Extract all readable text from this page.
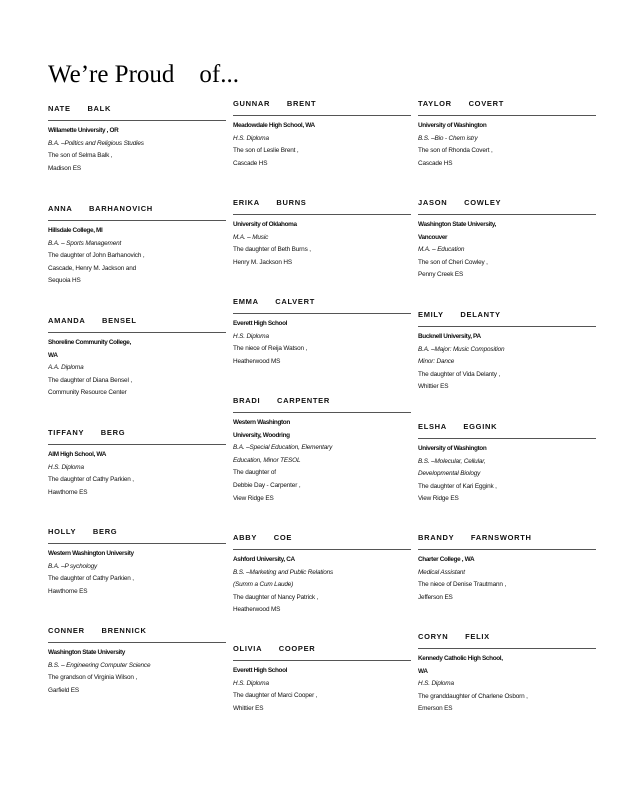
We’re Proud    of...
NATE BALK
Willamette University , OR
B.A. –Politics and Religious Studies
The son of Selma Balk ,
Madison ES
ANNA BARHANOVICH
Hillsdale College, MI
B.A. – Sports Management
The daughter of John Barhanovich ,
Cascade, Henry M. Jackson and
Sequoia HS
AMANDA BENSEL
Shoreline Community College,
WA
A.A. Diploma
The daughter of Diana Bensel ,
Community Resource Center
TIFFANY BERG
AIM High School, WA
H.S. Diploma
The daughter of Cathy Parkien ,
Hawthorne ES
HOLLY BERG
Western Washington University
B.A. –P sychology
The daughter of Cathy Parkien ,
Hawthorne ES
CONNER BRENNICK
Washington State University
B.S. – Engineering Computer Science
The grandson of Virginia Wilson ,
Garfield ES
GUNNAR BRENT
Meadowdale High School, WA
H.S. Diploma
The son of Leslie Brent ,
Cascade HS
ERIKA BURNS
University of Oklahoma
M.A. – Music
The daughter of Beth Burns ,
Henry M. Jackson HS
EMMA CALVERT
Everett High School
H.S. Diploma
The niece of Reija Watson ,
Heatherwood MS
BRADI CARPENTER
Western Washington
University, Woodring
B.A. –Special Education, Elementary
Education, Minor TESOL
The daughter of
Debbie Day - Carpenter ,
View Ridge ES
ABBY COE
Ashford University, CA
B.S. –Marketing and Public Relations
(Summ a Cum Laude)
The daughter of Nancy Patrick ,
Heatherwood MS
OLIVIA COOPER
Everett High School
H.S. Diploma
The daughter of Marci Cooper ,
Whittier ES
TAYLOR COVERT
University of Washington
B.S. –Bio - Chem istry
The son of Rhonda Covert ,
Cascade HS
JASON COWLEY
Washington State University,
Vancouver
M.A. – Education
The son of Cheri Cowley ,
Penny Creek ES
EMILY DELANTY
Bucknell University, PA
B.A. –Major: Music Composition
Minor: Dance
The daughter of Vida Delanty ,
Whittier ES
ELSHA EGGINK
University of Washington
B.S. –Molecular, Cellular,
Developmental Biology
The daughter of Kari Eggink ,
View Ridge ES
BRANDY FARNSWORTH
Charter College , WA
Medical Assistant
The niece of Denise Trautmann ,
Jefferson ES
CORYN FELIX
Kennedy Catholic High School,
WA
H.S. Diploma
The granddaughter of Charlene Osborn ,
Emerson ES
